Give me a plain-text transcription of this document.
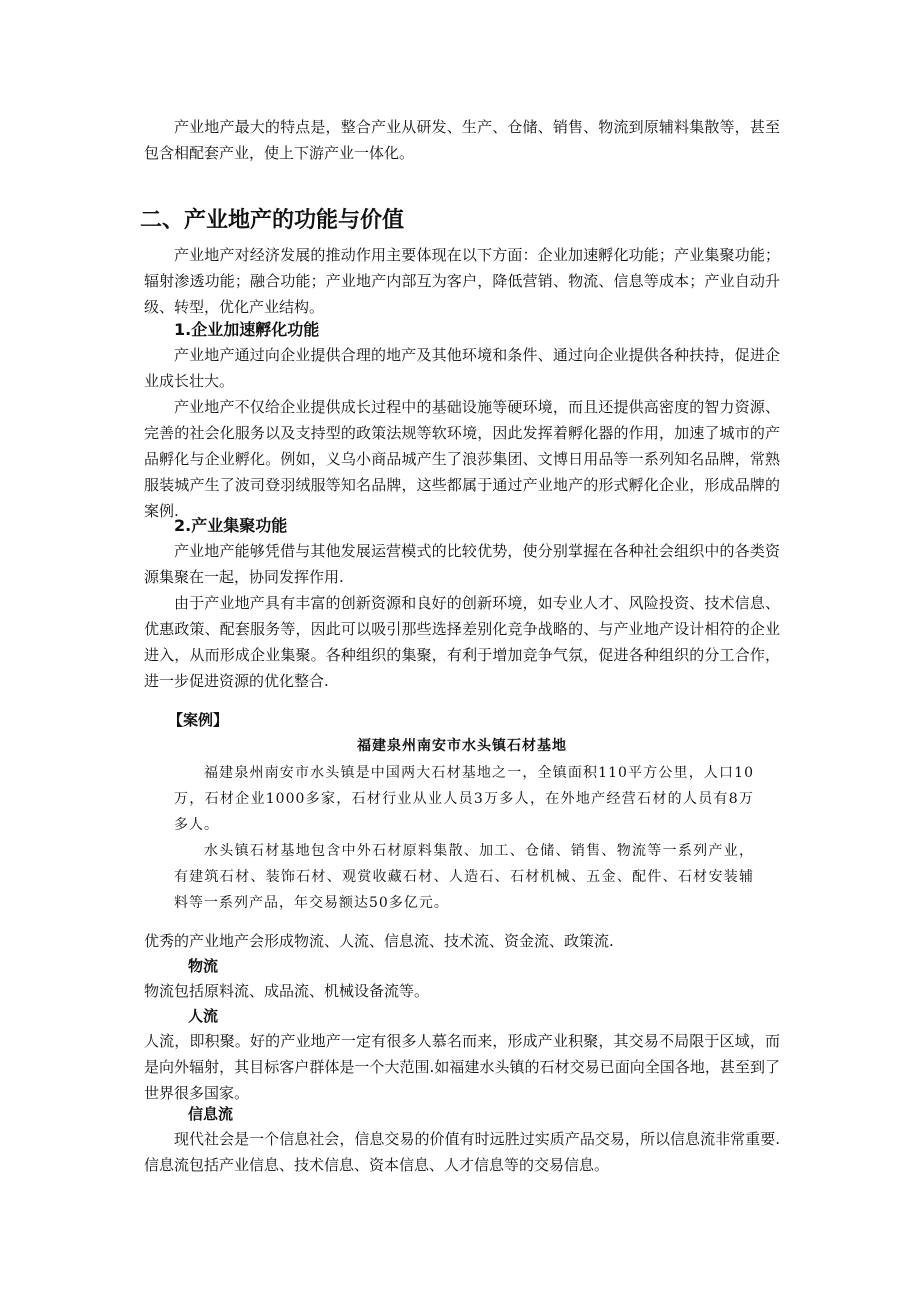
产业地产最大的特点是，整合产业从研发、生产、仓储、销售、物流到原辅料集散等，甚至包含相配套产业，使上下游产业一体化。

二、产业地产的功能与价值

产业地产对经济发展的推动作用主要体现在以下方面：企业加速孵化功能；产业集聚功能；辐射渗透功能；融合功能；产业地产内部互为客户，降低营销、物流、信息等成本；产业自动升级、转型，优化产业结构。

1.企业加速孵化功能

产业地产通过向企业提供合理的地产及其他环境和条件、通过向企业提供各种扶持，促进企业成长壮大。

产业地产不仅给企业提供成长过程中的基础设施等硬环境，而且还提供高密度的智力资源、完善的社会化服务以及支持型的政策法规等软环境，因此发挥着孵化器的作用，加速了城市的产品孵化与企业孵化。例如，义乌小商品城产生了浪莎集团、文博日用品等一系列知名品牌，常熟服装城产生了波司登羽绒服等知名品牌，这些都属于通过产业地产的形式孵化企业，形成品牌的案例.

2.产业集聚功能

产业地产能够凭借与其他发展运营模式的比较优势，使分别掌握在各种社会组织中的各类资源集聚在一起，协同发挥作用.

由于产业地产具有丰富的创新资源和良好的创新环境，如专业人才、风险投资、技术信息、优惠政策、配套服务等，因此可以吸引那些选择差别化竞争战略的、与产业地产设计相符的企业进入，从而形成企业集聚。各种组织的集聚，有利于增加竞争气氛，促进各种组织的分工合作，进一步促进资源的优化整合.

【案例】

福建泉州南安市水头镇石材基地

福建泉州南安市水头镇是中国两大石材基地之一，全镇面积110平方公里，人口10万，石材企业1000多家，石材行业从业人员3万多人，在外地产经营石材的人员有8万多人。

水头镇石材基地包含中外石材原料集散、加工、仓储、销售、物流等一系列产业，有建筑石材、装饰石材、观赏收藏石材、人造石、石材机械、五金、配件、石材安装辅料等一系列产品，年交易额达50多亿元。

优秀的产业地产会形成物流、人流、信息流、技术流、资金流、政策流.

物流

物流包括原料流、成品流、机械设备流等。

人流

人流，即积聚。好的产业地产一定有很多人慕名而来，形成产业积聚，其交易不局限于区域，而是向外辐射，其目标客户群体是一个大范围.如福建水头镇的石材交易已面向全国各地，甚至到了世界很多国家。

信息流

现代社会是一个信息社会，信息交易的价值有时远胜过实质产品交易，所以信息流非常重要.信息流包括产业信息、技术信息、资本信息、人才信息等的交易信息。
